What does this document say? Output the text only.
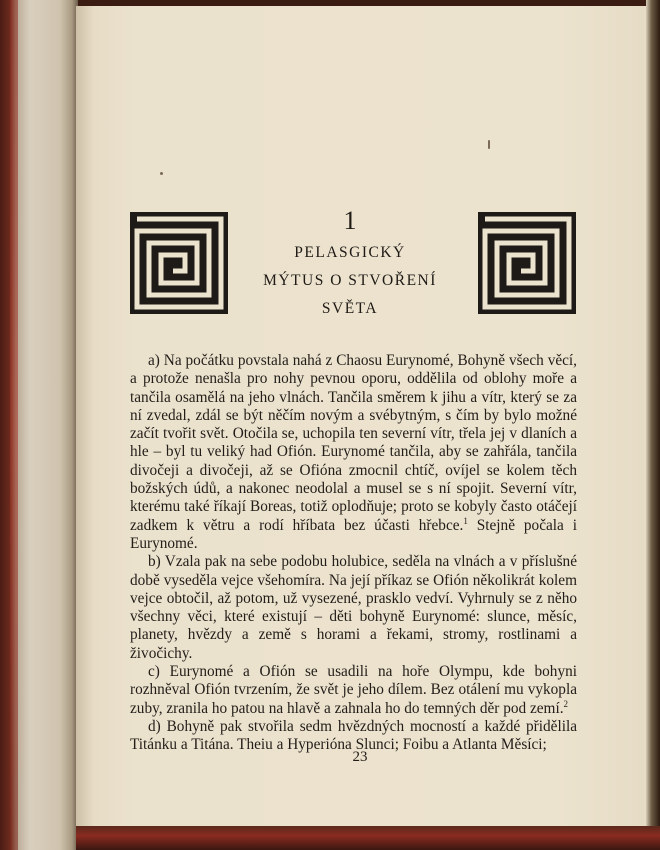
1
PELASGICKÝ
MÝTUS O STVOŘENÍ
SVĚTA

a) Na počátku povstala nahá z Chaosu Eurynomé, Bohyně všech věcí, a protože nenašla pro nohy pevnou oporu, oddělila od oblohy moře a tančila osamělá na jeho vlnách. Tančila směrem k jihu a vítr, který se za ní zvedal, zdál se být něčím novým a svébytným, s čím by bylo možné začít tvořit svět. Otočila se, uchopila ten severní vítr, třela jej v dlaních a hle – byl tu veliký had Ofión. Eurynomé tančila, aby se zahřála, tančila divočeji a divočeji, až se Ofióna zmocnil chtíč, ovíjel se kolem těch božských údů, a nakonec neodolal a musel se s ní spojit. Severní vítr, kterému také říkají Boreas, totiž oplodňuje; proto se kobyly často otáčejí zadkem k větru a rodí hříbata bez účasti hřebce.$^1$ Stejně počala i Eurynomé.

b) Vzala pak na sebe podobu holubice, seděla na vlnách a v příslušné době vyseděla vejce všehomíra. Na její příkaz se Ofión několikrát kolem vejce obtočil, až potom, už vysezené, prasklo vedví. Vyhrnuly se z něho všechny věci, které existují – děti bohyně Eurynomé: slunce, měsíc, planety, hvězdy a země s horami a řekami, stromy, rostlinami a živočichy.

c) Eurynomé a Ofión se usadili na hoře Olympu, kde bohyni rozhněval Ofión tvrzením, že svět je jeho dílem. Bez otálení mu vykopla zuby, zranila ho patou na hlavě a zahnala ho do temných děr pod zemí.$^2$

d) Bohyně pak stvořila sedm hvězdných mocností a každé přidělila Titánku a Titána. Theiu a Hyperióna Slunci; Foibu a Atlanta Měsíci;

23
